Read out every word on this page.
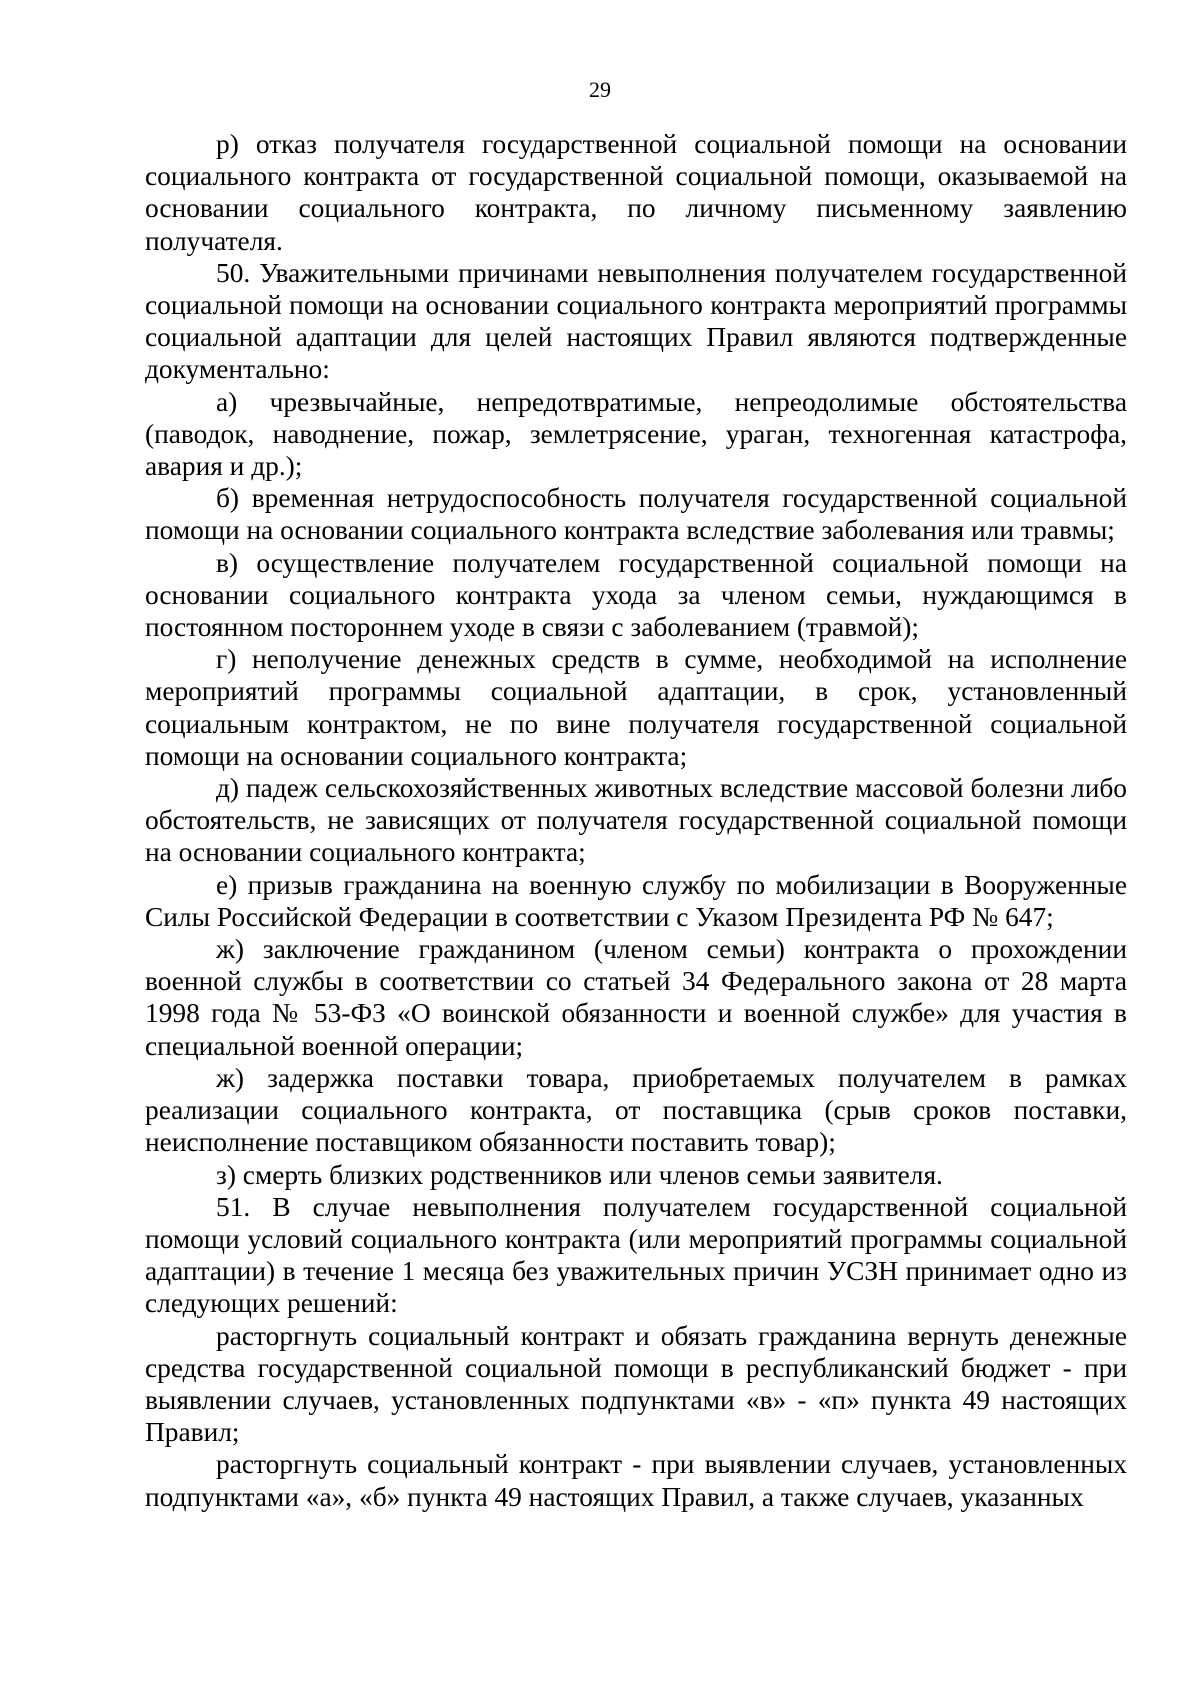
29

р) отказ получателя государственной социальной помощи на основании социального контракта от государственной социальной помощи, оказываемой на основании социального контракта, по личному письменному заявлению получателя.

50. Уважительными причинами невыполнения получателем государственной социальной помощи на основании социального контракта мероприятий программы социальной адаптации для целей настоящих Правил являются подтвержденные документально:

а) чрезвычайные, непредотвратимые, непреодолимые обстоятельства (паводок, наводнение, пожар, землетрясение, ураган, техногенная катастрофа, авария и др.);

б) временная нетрудоспособность получателя государственной социальной помощи на основании социального контракта вследствие заболевания или травмы;

в) осуществление получателем государственной социальной помощи на основании социального контракта ухода за членом семьи, нуждающимся в постоянном постороннем уходе в связи с заболеванием (травмой);

г) неполучение денежных средств в сумме, необходимой на исполнение мероприятий программы социальной адаптации, в срок, установленный социальным контрактом, не по вине получателя государственной социальной помощи на основании социального контракта;

д) падеж сельскохозяйственных животных вследствие массовой болезни либо обстоятельств, не зависящих от получателя государственной социальной помощи на основании социального контракта;

е) призыв гражданина на военную службу по мобилизации в Вооруженные Силы Российской Федерации в соответствии с Указом Президента РФ № 647;

ж) заключение гражданином (членом семьи) контракта о прохождении военной службы в соответствии со статьей 34 Федерального закона от 28 марта 1998 года № 53-ФЗ «О воинской обязанности и военной службе» для участия в специальной военной операции;

ж) задержка поставки товара, приобретаемых получателем в рамках реализации социального контракта, от поставщика (срыв сроков поставки, неисполнение поставщиком обязанности поставить товар);

з) смерть близких родственников или членов семьи заявителя.

51. В случае невыполнения получателем государственной социальной помощи условий социального контракта (или мероприятий программы социальной адаптации) в течение 1 месяца без уважительных причин УСЗН принимает одно из следующих решений:

расторгнуть социальный контракт и обязать гражданина вернуть денежные средства государственной социальной помощи в республиканский бюджет - при выявлении случаев, установленных подпунктами «в» - «п» пункта 49 настоящих Правил;

расторгнуть социальный контракт - при выявлении случаев, установленных подпунктами «а», «б» пункта 49 настоящих Правил, а также случаев, указанных
